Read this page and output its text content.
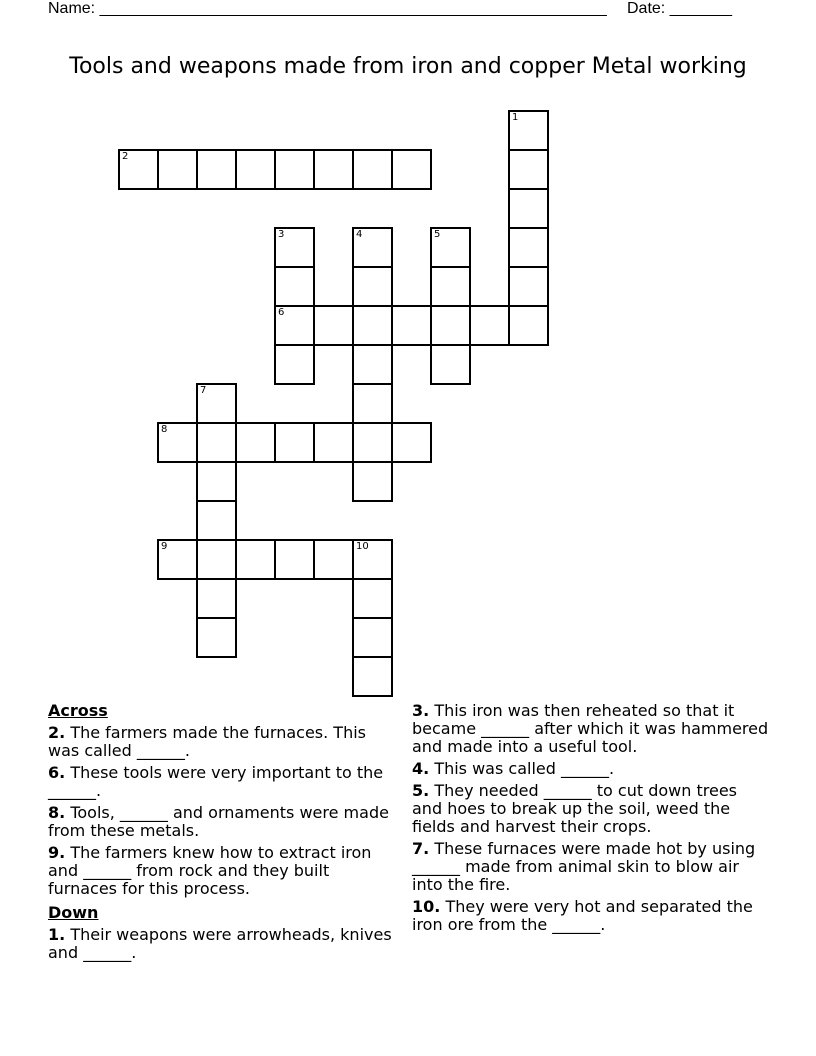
Name: _________________________________________________________ Date: _______
Tools and weapons made from iron and copper Metal working
1
2
3
6
4	5
7
8
9	10
Across
2. The farmers made the furnaces. This was called ______.
6. These tools were very important to the ______.
8. Tools, ______ and ornaments were made from these metals.
9. The farmers knew how to extract iron and ______ from rock and they built furnaces for this process.
Down
1. Their weapons were arrowheads, knives and ______.
3. This iron was then reheated so that it became ______ after which it was hammered and made into a useful tool.
4. This was called ______.
5. They needed ______ to cut down trees and hoes to break up the soil, weed the fields and harvest their crops.
7. These furnaces were made hot by using ______ made from animal skin to blow air into the fire.
10. They were very hot and separated the iron ore from the ______.
